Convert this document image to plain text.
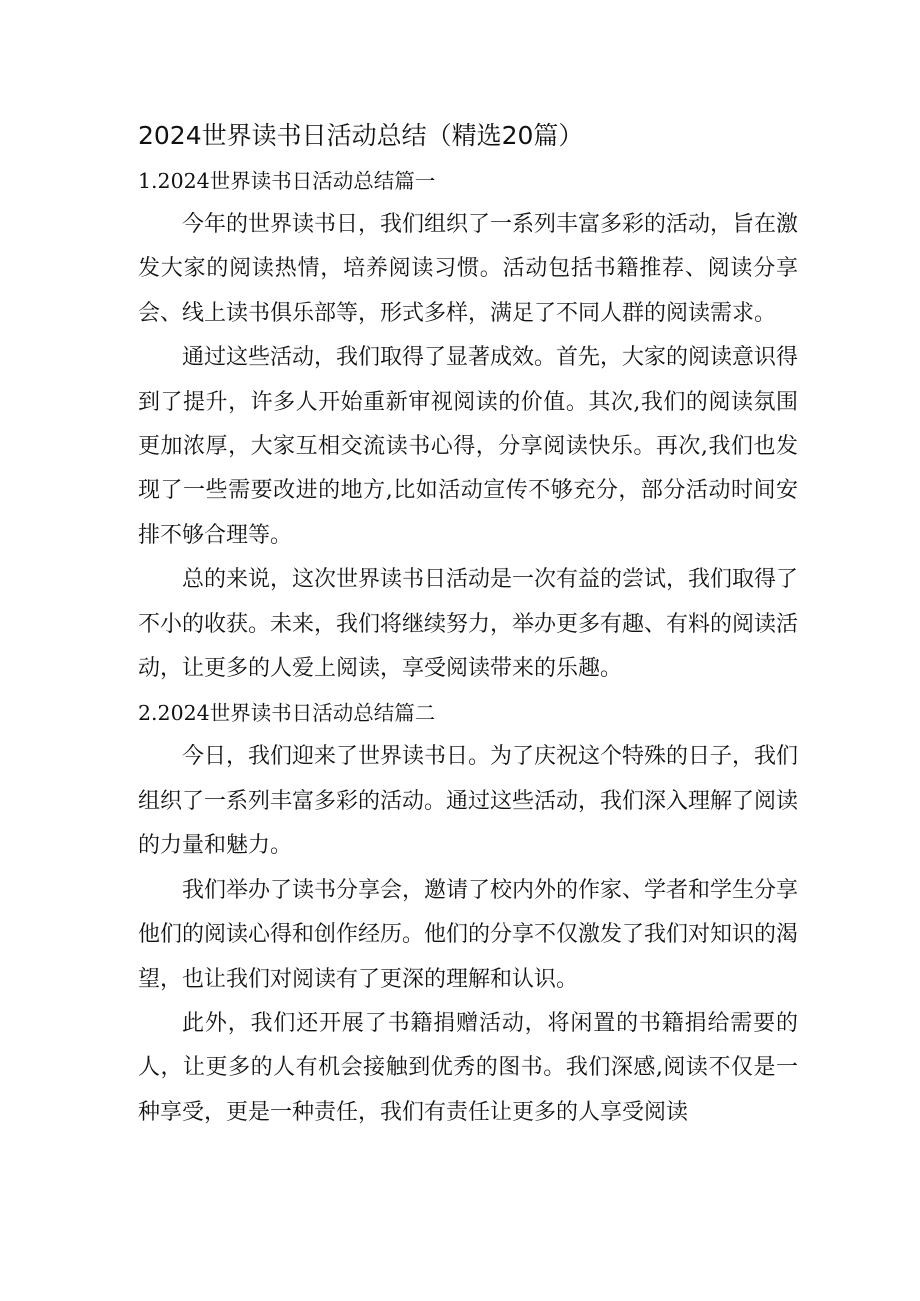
2024世界读书日活动总结（精选20篇）
1.2024世界读书日活动总结篇一

今年的世界读书日，我们组织了一系列丰富多彩的活动，旨在激发大家的阅读热情，培养阅读习惯。活动包括书籍推荐、阅读分享会、线上读书俱乐部等，形式多样，满足了不同人群的阅读需求。

通过这些活动，我们取得了显著成效。首先，大家的阅读意识得到了提升，许多人开始重新审视阅读的价值。其次,我们的阅读氛围更加浓厚，大家互相交流读书心得，分享阅读快乐。再次,我们也发现了一些需要改进的地方,比如活动宣传不够充分，部分活动时间安排不够合理等。

总的来说，这次世界读书日活动是一次有益的尝试，我们取得了不小的收获。未来，我们将继续努力，举办更多有趣、有料的阅读活动，让更多的人爱上阅读，享受阅读带来的乐趣。

2.2024世界读书日活动总结篇二

今日，我们迎来了世界读书日。为了庆祝这个特殊的日子，我们组织了一系列丰富多彩的活动。通过这些活动，我们深入理解了阅读的力量和魅力。

我们举办了读书分享会，邀请了校内外的作家、学者和学生分享他们的阅读心得和创作经历。他们的分享不仅激发了我们对知识的渴望，也让我们对阅读有了更深的理解和认识。

此外，我们还开展了书籍捐赠活动，将闲置的书籍捐给需要的人，让更多的人有机会接触到优秀的图书。我们深感,阅读不仅是一种享受，更是一种责任，我们有责任让更多的人享受阅读
